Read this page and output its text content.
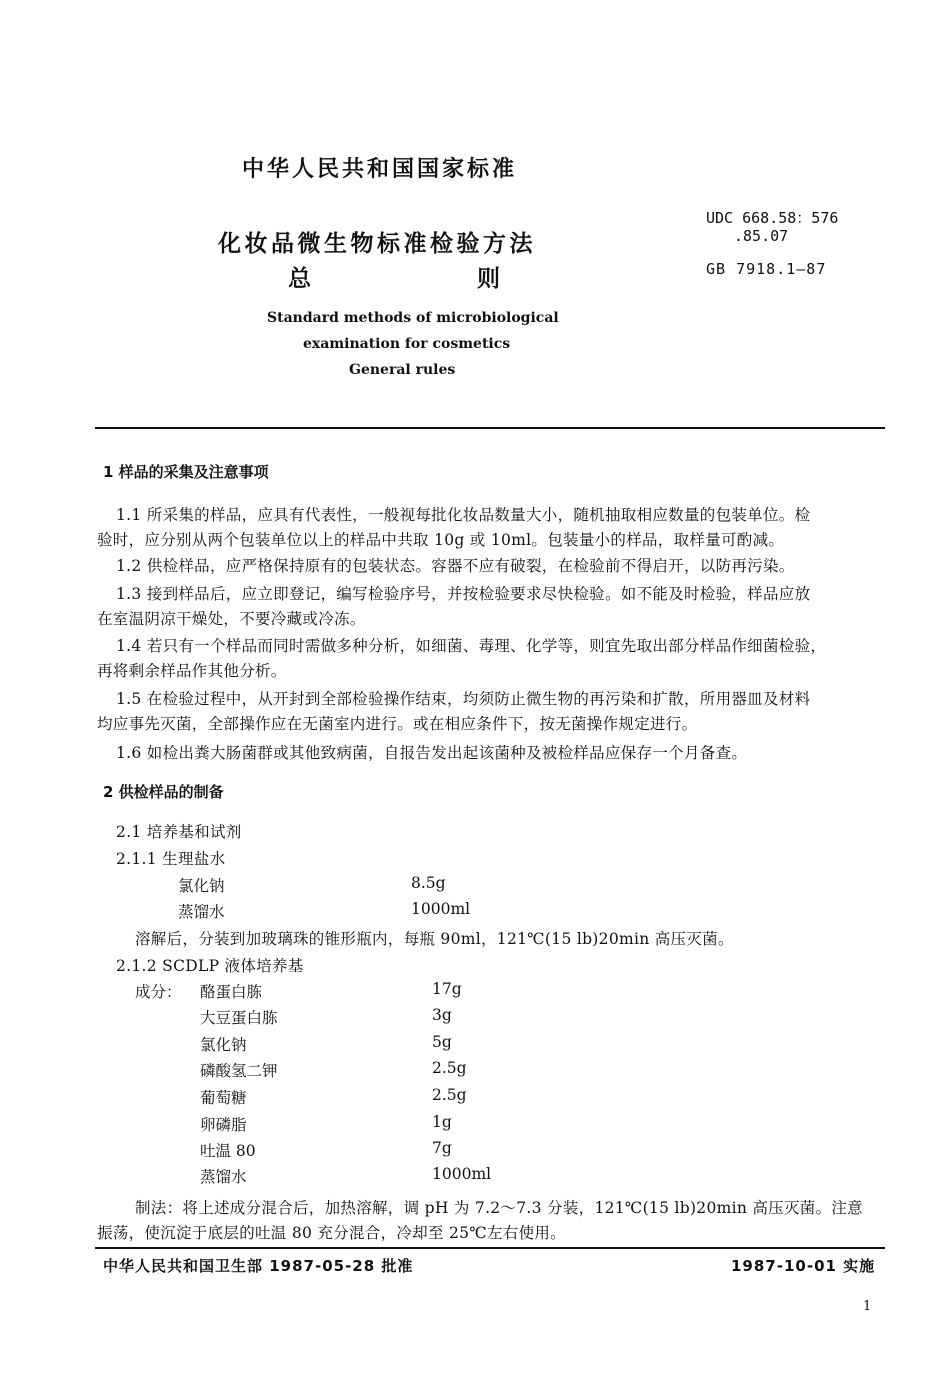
中华人民共和国国家标准
化妆品微生物标准检验方法
总	则
Standard methods of microbiological
examination for cosmetics
General rules
UDC 668.58：576
.85.07
GB 7918.1—87
1 样品的采集及注意事项
1.1 所采集的样品，应具有代表性，一般视每批化妆品数量大小，随机抽取相应数量的包装单位。检
验时，应分别从两个包装单位以上的样品中共取 10g 或 10ml。包装量小的样品，取样量可酌减。
1.2 供检样品，应严格保持原有的包装状态。容器不应有破裂，在检验前不得启开，以防再污染。
1.3 接到样品后，应立即登记，编写检验序号，并按检验要求尽快检验。如不能及时检验，样品应放
在室温阴凉干燥处，不要冷藏或冷冻。
1.4 若只有一个样品而同时需做多种分析，如细菌、毒理、化学等，则宜先取出部分样品作细菌检验，
再将剩余样品作其他分析。
1.5 在检验过程中，从开封到全部检验操作结束，均须防止微生物的再污染和扩散，所用器皿及材料
均应事先灭菌，全部操作应在无菌室内进行。或在相应条件下，按无菌操作规定进行。
1.6 如检出粪大肠菌群或其他致病菌，自报告发出起该菌种及被检样品应保存一个月备查。
2 供检样品的制备
2.1 培养基和试剂
2.1.1 生理盐水
氯化钠	8.5g
蒸馏水	1000ml
溶解后，分装到加玻璃珠的锥形瓶内，每瓶 90ml，121℃(15 lb)20min 高压灭菌。
2.1.2 SCDLP 液体培养基
成分： 酪蛋白胨	17g
大豆蛋白胨	3g
氯化钠	5g
磷酸氢二钾	2.5g
葡萄糖	2.5g
卵磷脂	1g
吐温 80	7g
蒸馏水	1000ml
制法：将上述成分混合后，加热溶解，调 pH 为 7.2～7.3 分装，121℃(15 lb)20min 高压灭菌。注意
振荡，使沉淀于底层的吐温 80 充分混合，冷却至 25℃左右使用。
中华人民共和国卫生部 1987-05-28 批准	1987-10-01 实施
1
